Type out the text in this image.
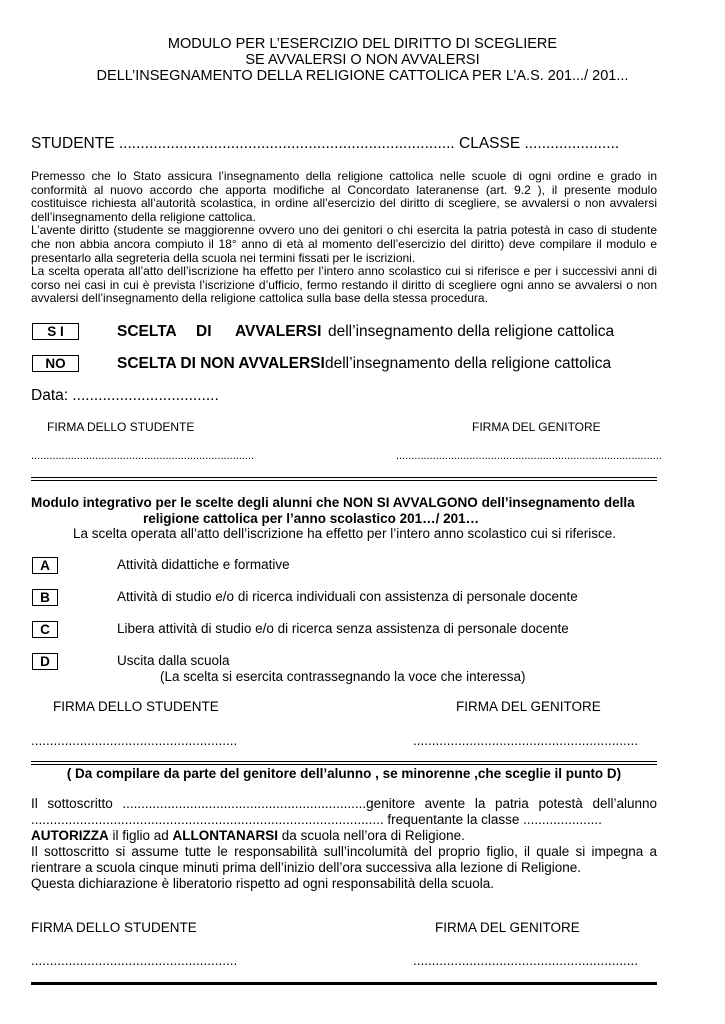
MODULO PER L’ESERCIZIO DEL DIRITTO DI SCEGLIERE
SE AVVALERSI O NON AVVALERSI
DELL’INSEGNAMENTO DELLA RELIGIONE CATTOLICA PER L’A.S. 201.../ 201...
STUDENTE .............................................................................. CLASSE ......................
Premesso che lo Stato assicura l’insegnamento della religione cattolica nelle scuole di ogni ordine e grado in
conformità al nuovo accordo che apporta modifiche al Concordato lateranense (art. 9.2 ), il presente modulo
costituisce richiesta all’autorità scolastica, in ordine all’esercizio del diritto di scegliere, se avvalersi o non avvalersi
dell’insegnamento della religione cattolica.
L’avente diritto (studente se maggiorenne ovvero uno dei genitori o chi esercita la patria potestà in caso di studente
che non abbia ancora compiuto il 18° anno di età al momento dell’esercizio del diritto) deve compilare il modulo e
presentarlo alla segreteria della scuola nei termini fissati per le iscrizioni.
La scelta operata all’atto dell’iscrizione ha effetto per l’intero anno scolastico cui si riferisce e per i successivi anni di
corso nei casi in cui è prevista l’iscrizione d’ufficio, fermo restando il diritto di scegliere ogni anno se avvalersi o non
avvalersi dell’insegnamento della religione cattolica sulla base della stessa procedura.
S I	SCELTA DI AVVALERSI dell’insegnamento della religione cattolica
NO	SCELTA DI NON AVVALERSI dell’insegnamento della religione cattolica
Data: ..................................
FIRMA DELLO STUDENTE	FIRMA DEL GENITORE
.........................................................................	.......................................................................................
Modulo integrativo per le scelte degli alunni che NON SI AVVALGONO dell’insegnamento della
religione cattolica per l’anno scolastico 201…/ 201…
La scelta operata all’atto dell’iscrizione ha effetto per l’intero anno scolastico cui si riferisce.
A	Attività didattiche e formative
B	Attività di studio e/o di ricerca individuali con assistenza di personale docente
C	Libera attività di studio e/o di ricerca senza assistenza di personale docente
D	Uscita dalla scuola
(La scelta si esercita contrassegnando la voce che interessa)
FIRMA DELLO STUDENTE	FIRMA DEL GENITORE
.......................................................	............................................................
( Da compilare da parte del genitore dell’alunno , se minorenne ,che sceglie il punto D)
Il sottoscritto .................................................................genitore avente la patria potestà dell’alunno
.............................................................................................. frequentante la classe .....................
AUTORIZZA il figlio ad ALLONTANARSI da scuola nell’ora di Religione.
Il sottoscritto si assume tutte le responsabilità sull’incolumità del proprio figlio, il quale si impegna a
rientrare a scuola cinque minuti prima dell’inizio dell’ora successiva alla lezione di Religione.
Questa dichiarazione è liberatorio rispetto ad ogni responsabilità della scuola.
FIRMA DELLO STUDENTE	FIRMA DEL GENITORE
.......................................................	............................................................
